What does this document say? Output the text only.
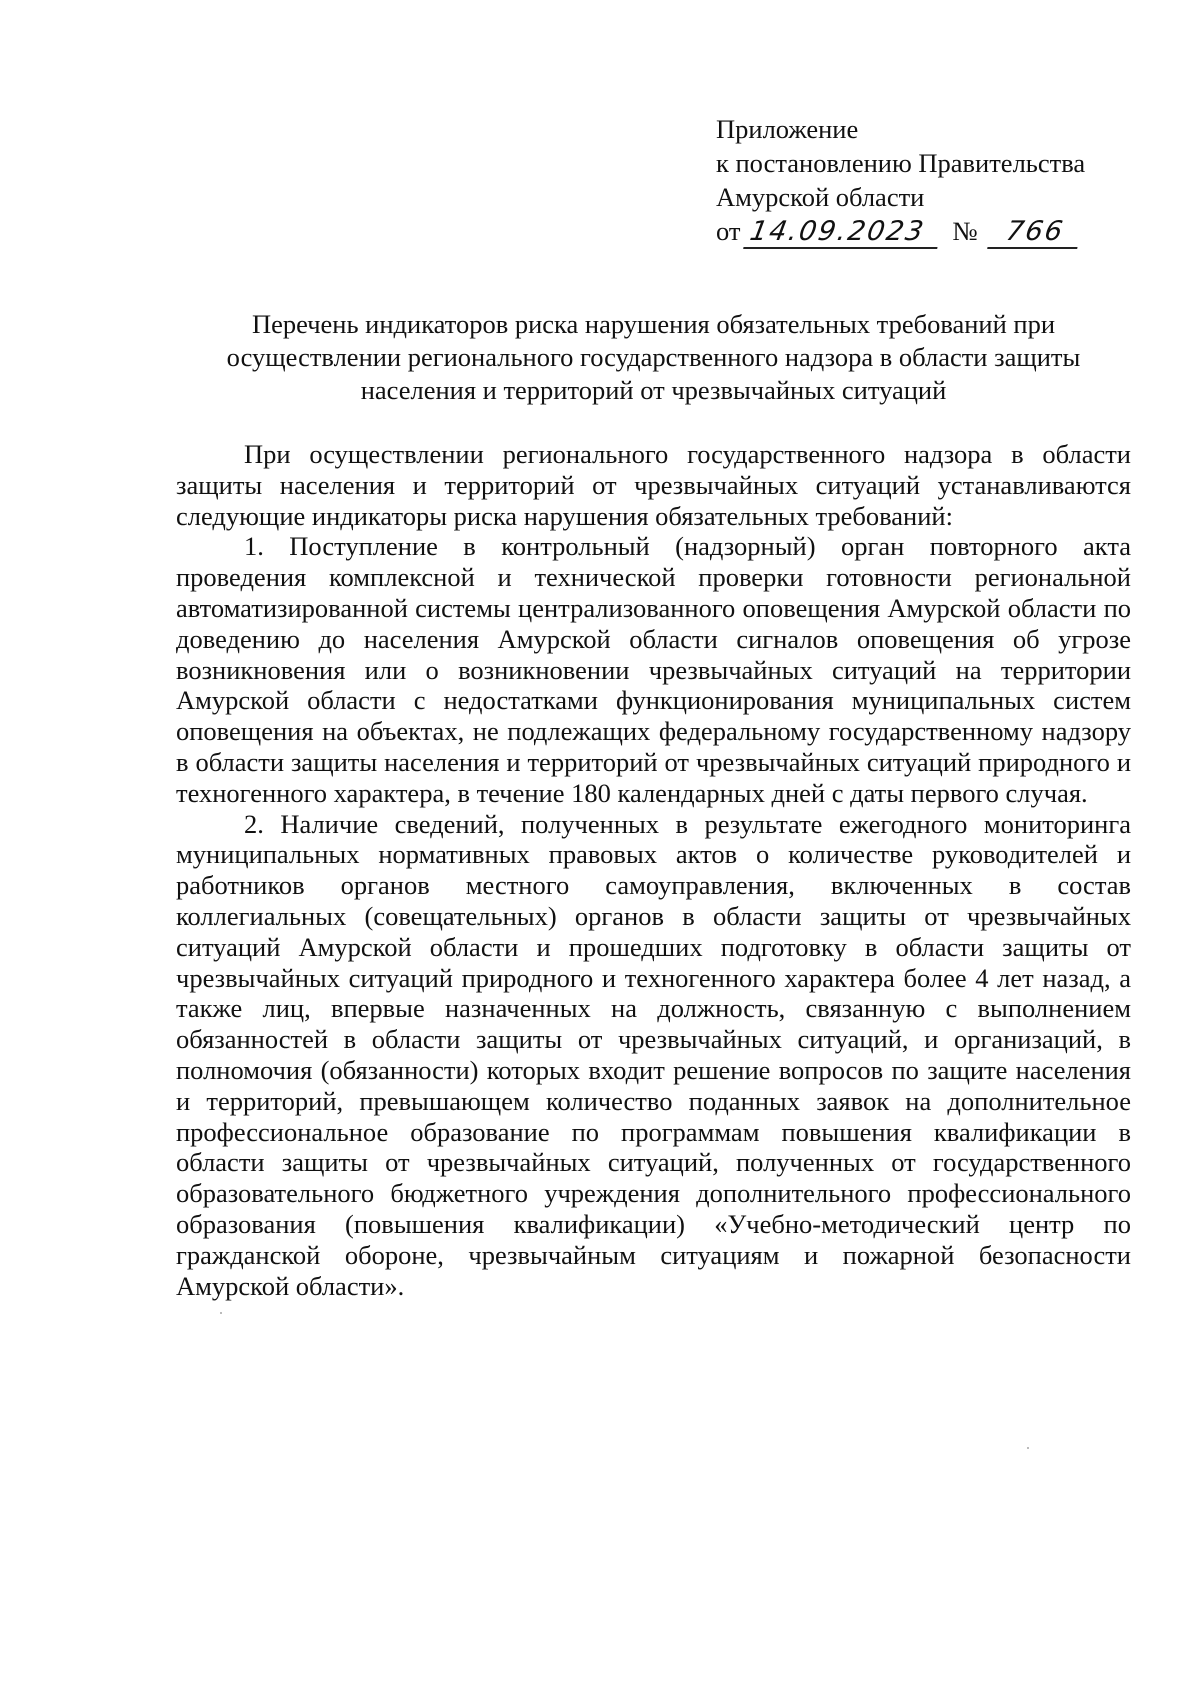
Приложение
к постановлению Правительства
Амурской области
от 14.09.2023 № 766
Перечень индикаторов риска нарушения обязательных требований при
осуществлении регионального государственного надзора в области защиты
населения и территорий от чрезвычайных ситуаций

При осуществлении регионального государственного надзора в области защиты населения и территорий от чрезвычайных ситуаций устанавливаются следующие индикаторы риска нарушения обязательных требований:

1. Поступление в контрольный (надзорный) орган повторного акта проведения комплексной и технической проверки готовности региональной автоматизированной системы централизованного оповещения Амурской области по доведению до населения Амурской области сигналов оповещения об угрозе возникновения или о возникновении чрезвычайных ситуаций на территории Амурской области с недостатками функционирования муниципальных систем оповещения на объектах, не подлежащих федеральному государственному надзору в области защиты населения и территорий от чрезвычайных ситуаций природного и техногенного характера, в течение 180 календарных дней с даты первого случая.

2. Наличие сведений, полученных в результате ежегодного мониторинга муниципальных нормативных правовых актов о количестве руководителей и работников органов местного самоуправления, включенных в состав коллегиальных (совещательных) органов в области защиты от чрезвычайных ситуаций Амурской области и прошедших подготовку в области защиты от чрезвычайных ситуаций природного и техногенного характера более 4 лет назад, а также лиц, впервые назначенных на должность, связанную с выполнением обязанностей в области защиты от чрезвычайных ситуаций, и организаций, в полномочия (обязанности) которых входит решение вопросов по защите населения и территорий, превышающем количество поданных заявок на дополнительное профессиональное образование по программам повышения квалификации в области защиты от чрезвычайных ситуаций, полученных от государственного образовательного бюджетного учреждения дополнительного профессионального образования (повышения квалификации) «Учебно-методический центр по гражданской обороне, чрезвычайным ситуациям и пожарной безопасности Амурской области».
